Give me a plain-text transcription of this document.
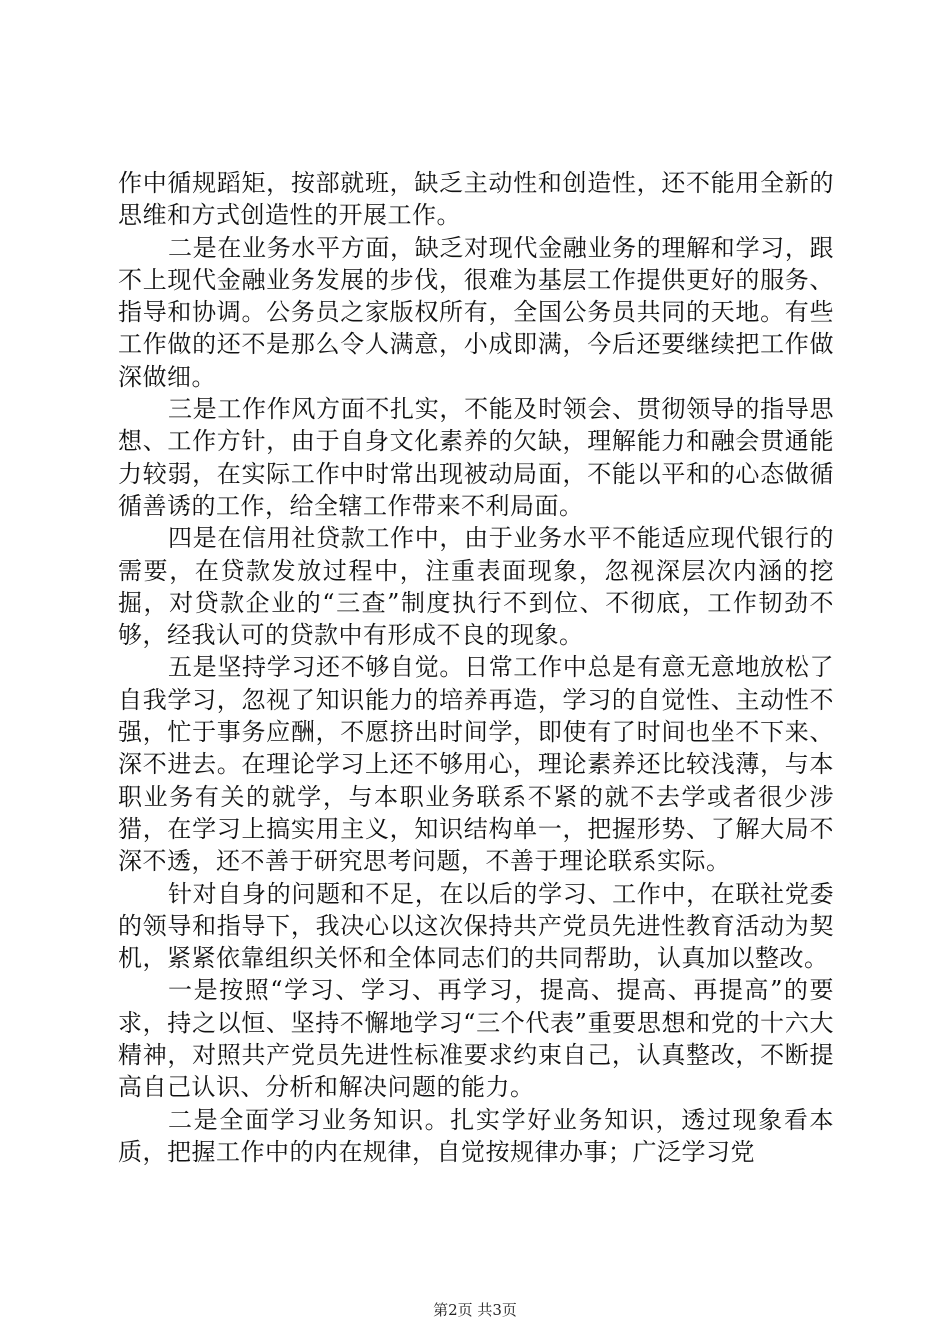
作中循规蹈矩，按部就班，缺乏主动性和创造性，还不能用全新的思维和方式创造性的开展工作。

二是在业务水平方面，缺乏对现代金融业务的理解和学习，跟不上现代金融业务发展的步伐，很难为基层工作提供更好的服务、指导和协调。公务员之家版权所有，全国公务员共同的天地。有些工作做的还不是那么令人满意，小成即满，今后还要继续把工作做深做细。

三是工作作风方面不扎实，不能及时领会、贯彻领导的指导思想、工作方针，由于自身文化素养的欠缺，理解能力和融会贯通能力较弱，在实际工作中时常出现被动局面，不能以平和的心态做循循善诱的工作，给全辖工作带来不利局面。

四是在信用社贷款工作中，由于业务水平不能适应现代银行的需要，在贷款发放过程中，注重表面现象，忽视深层次内涵的挖掘，对贷款企业的“三查”制度执行不到位、不彻底，工作韧劲不够，经我认可的贷款中有形成不良的现象。

五是坚持学习还不够自觉。日常工作中总是有意无意地放松了自我学习，忽视了知识能力的培养再造，学习的自觉性、主动性不强，忙于事务应酬，不愿挤出时间学，即使有了时间也坐不下来、深不进去。在理论学习上还不够用心，理论素养还比较浅薄，与本职业务有关的就学，与本职业务联系不紧的就不去学或者很少涉猎，在学习上搞实用主义，知识结构单一，把握形势、了解大局不深不透，还不善于研究思考问题，不善于理论联系实际。

针对自身的问题和不足，在以后的学习、工作中，在联社党委的领导和指导下，我决心以这次保持共产党员先进性教育活动为契机，紧紧依靠组织关怀和全体同志们的共同帮助，认真加以整改。

一是按照“学习、学习、再学习，提高、提高、再提高”的要求，持之以恒、坚持不懈地学习“三个代表”重要思想和党的十六大精神，对照共产党员先进性标准要求约束自己，认真整改，不断提高自己认识、分析和解决问题的能力。

二是全面学习业务知识。扎实学好业务知识，透过现象看本质，把握工作中的内在规律，自觉按规律办事；广泛学习党

第2页 共3页
